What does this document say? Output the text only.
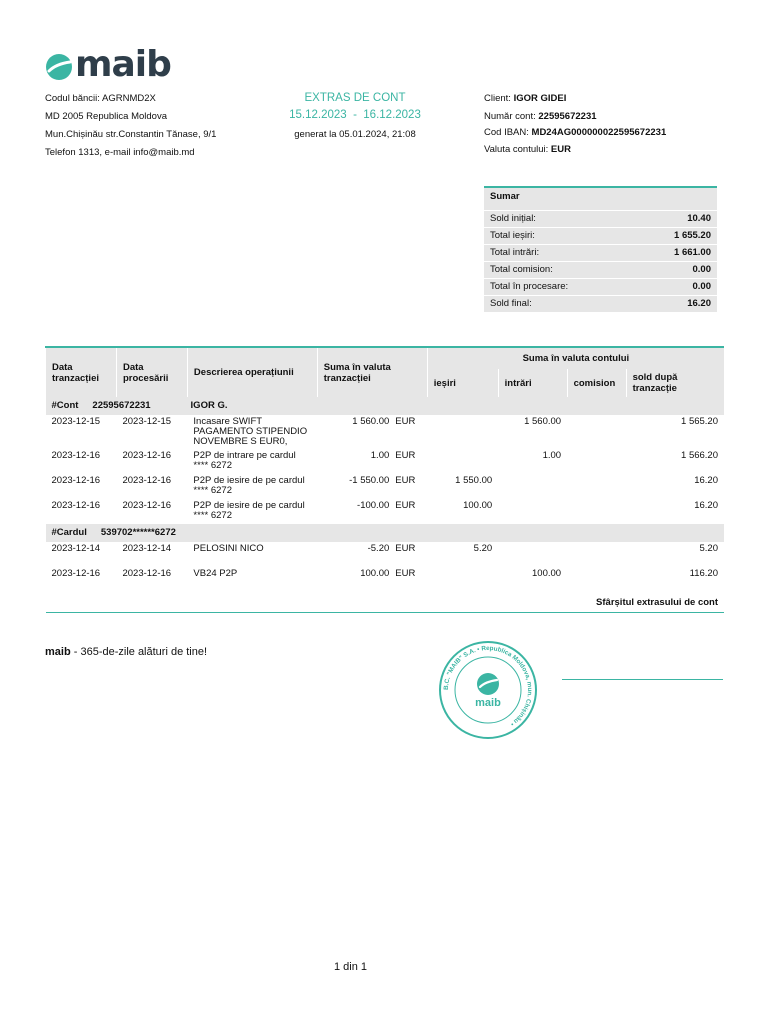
maib
Codul băncii: AGRNMD2X
MD 2005 Republica Moldova
Mun.Chișinău str.Constantin Tănase, 9/1
Telefon 1313, e-mail info@maib.md
EXTRAS DE CONT
15.12.2023  -  16.12.2023
generat la 05.01.2024, 21:08
Client: IGOR GIDEI
Număr cont: 22595672231
Cod IBAN: MD24AG000000022595672231
Valuta contului: EUR
Sumar
Sold inițial:	10.40
Total ieșiri:	1 655.20
Total intrări:	1 661.00
Total comision:	0.00
Total în procesare:	0.00
Sold final:	16.20
Data tranzacției	Data procesării	Descrierea operațiunii	Suma în valuta tranzacției	Suma în valuta contului			
				ieșiri	intrări	comision	sold după tranzacție
#Cont 22595672231 IGOR G.							
2023-12-15	2023-12-15	Incasare SWIFT PAGAMENTO STIPENDIO NOVEMBRE S EUR0,	1 560.00 EUR		1 560.00		1 565.20
2023-12-16	2023-12-16	P2P de intrare pe cardul **** 6272	1.00 EUR		1.00		1 566.20
2023-12-16	2023-12-16	P2P de iesire de pe cardul **** 6272	-1 550.00 EUR	1 550.00			16.20
2023-12-16	2023-12-16	P2P de iesire de pe cardul **** 6272	-100.00 EUR	100.00			16.20
#Cardul 539702******6272							
2023-12-14	2023-12-14	PELOSINI NICO	-5.20 EUR	5.20			5.20
2023-12-16	2023-12-16	VB24 P2P	100.00 EUR		100.00		116.20
Sfârșitul extrasului de cont							
maib - 365-de-zile alături de tine!
B.C. "MAIB" S.A. • Republica Moldova, mun. Chișinău •
maib
1 din 1
